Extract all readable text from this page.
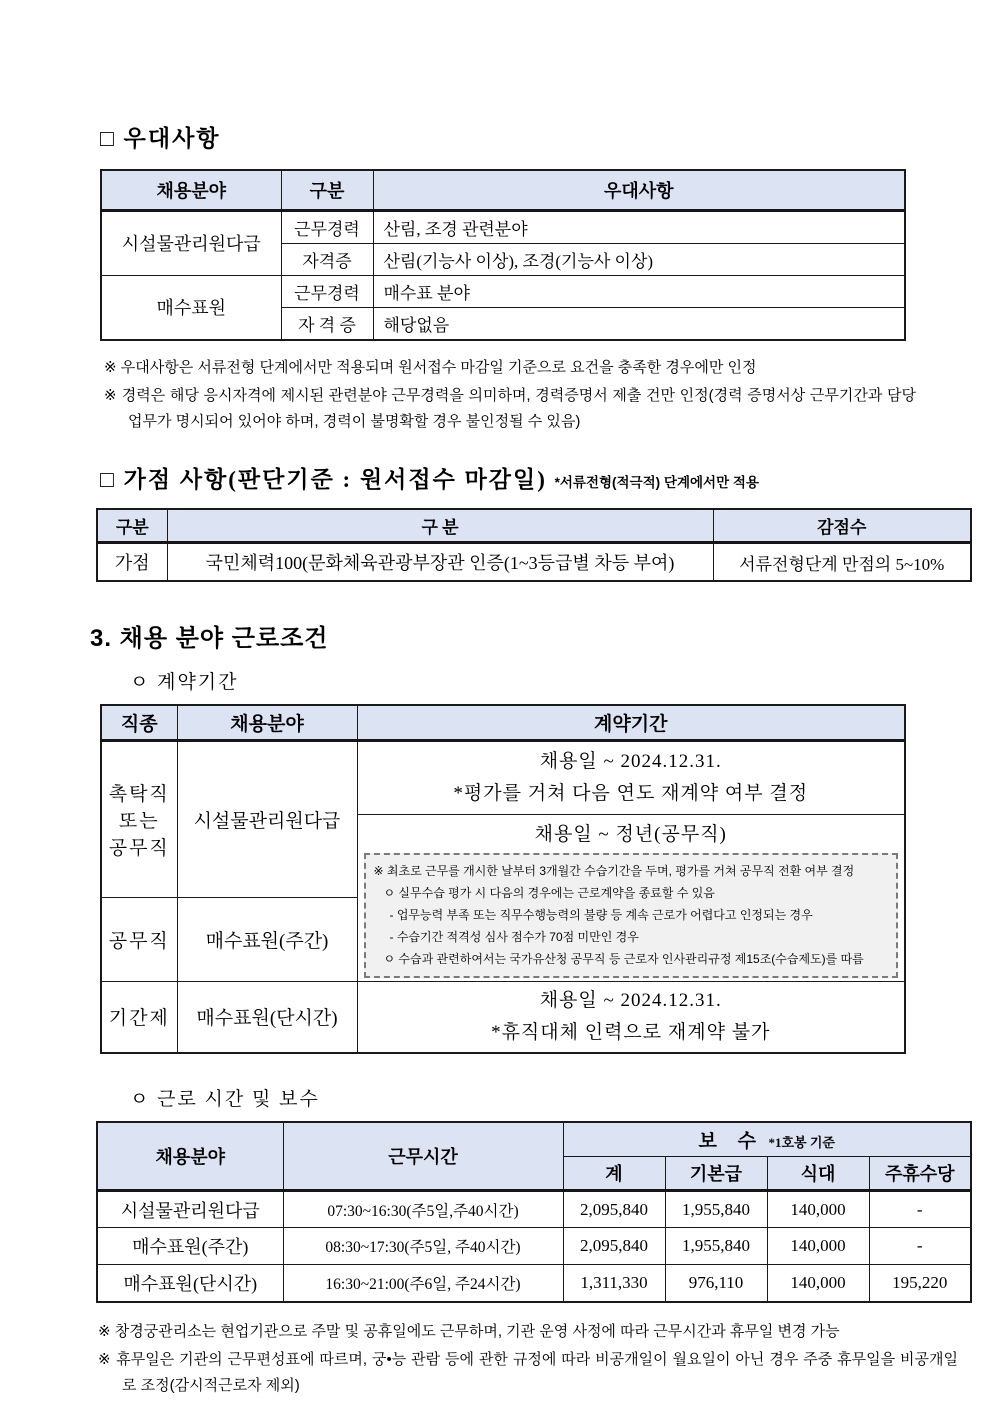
□ 우대사항
채용분야	구분	우대사항
시설물관리원다급	근무경력	산림, 조경 관련분야
	자격증	산림(기능사 이상), 조경(기능사 이상)
매수표원	근무경력	매수표 분야
	자 격 증	해당없음

※ 우대사항은 서류전형 단계에서만 적용되며 원서접수 마감일 기준으로 요건을 충족한 경우에만 인정

※ 경력은 해당 응시자격에 제시된 관련분야 근무경력을 의미하며, 경력증명서 제출 건만 인정(경력 증명서상 근무기간과 담당업무가 명시되어 있어야 하며, 경력이 불명확할 경우 불인정될 수 있음)

□ 가점 사항(판단기준 : 원서접수 마감일) *서류전형(적극적) 단계에서만 적용
구분	구 분	감점수
가점	국민체력100(문화체육관광부장관 인증(1~3등급별 차등 부여)	서류전형단계 만점의 5~10%
3. 채용 분야 근로조건
ㅇ 계약기간
직종	채용분야	계약기간
촉탁직 또는 공무직	시설물관리원다급	채용일 ~ 2024.12.31.
*평가를 거쳐 다음 연도 재계약 여부 결정

채용일 ~ 정년(공무직)
※ 최초로 근무를 개시한 날부터 3개월간 수습기간을 두며, 평가를 거쳐 공무직 전환 여부 결정
ㅇ 실무수습 평가 시 다음의 경우에는 근로계약을 종료할 수 있음
- 업무능력 부족 또는 직무수행능력의 불량 등 계속 근로가 어렵다고 인정되는 경우
- 수습기간 적격성 심사 점수가 70점 미만인 경우
ㅇ 수습과 관련하여서는 국가유산청 공무직 등 근로자 인사관리규정 제15조(수습제도)를 따름

공무직	매수표원(주간)	
기간제	매수표원(단시간)	채용일 ~ 2024.12.31.
*휴직대체 인력으로 재계약 불가
ㅇ 근로 시간 및 보수
채용분야	근무시간	보 수 *1호봉 기준			
		계	기본급	식대	주휴수당
시설물관리원다급	07:30~16:30(주5일,주40시간)	2,095,840	1,955,840	140,000	-
매수표원(주간)	08:30~17:30(주5일, 주40시간)	2,095,840	1,955,840	140,000	-
매수표원(단시간)	16:30~21:00(주6일, 주24시간)	1,311,330	976,110	140,000	195,220

※ 창경궁관리소는 현업기관으로 주말 및 공휴일에도 근무하며, 기관 운영 사정에 따라 근무시간과 휴무일 변경 가능

※ 휴무일은 기관의 근무편성표에 따르며, 궁•능 관람 등에 관한 규정에 따라 비공개일이 월요일이 아닌 경우 주중 휴무일을 비공개일로 조정(감시적근로자 제외)
